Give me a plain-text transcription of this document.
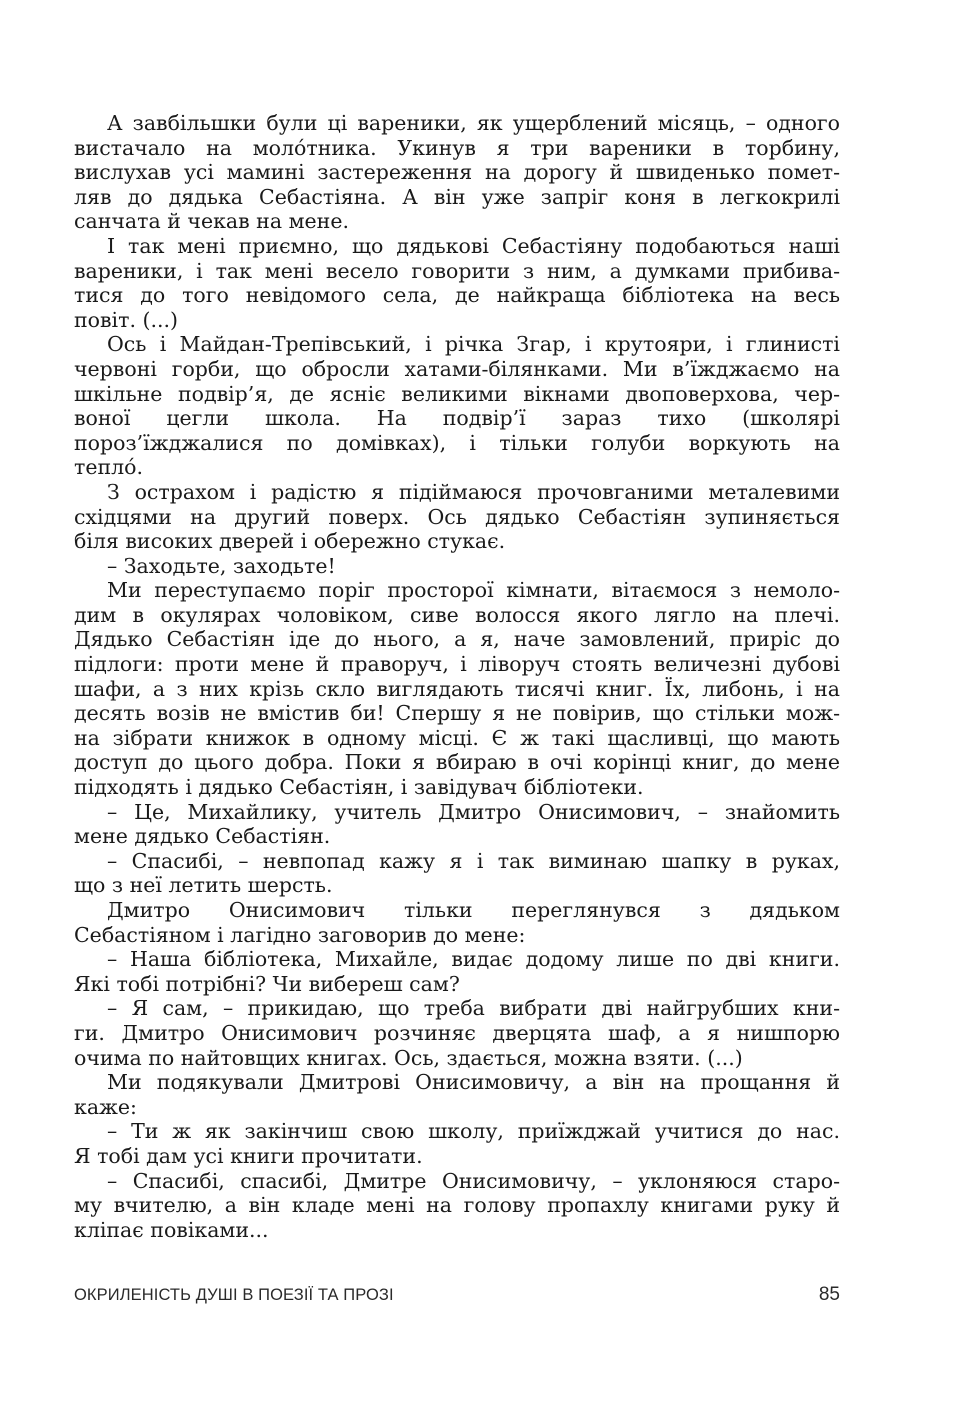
А завбільшки були ці вареники, як ущерблений місяць, – одного
вистачало на моло́тника. Укинув я три вареники в торбину,
вислухав усі мамині застереження на дорогу й швиденько помет-
ляв до дядька Себастіяна. А він уже запріг коня в легкокрилі
санчата й чекав на мене.
І так мені приємно, що дядькові Себастіяну подобаються наші
вареники, і так мені весело говорити з ним, а думками прибива-
тися до того невідомого села, де найкраща бібліотека на весь
повіт. (...)
Ось і Майдан-Трепівський, і річка Згар, і крутояри, і глинисті
червоні горби, що обросли хатами-білянками. Ми в’їжджаємо на
шкільне подвір’я, де ясніє великими вікнами двоповерхова, чер-
воної цегли школа. На подвір’ї зараз тихо (школярі
пороз’їжджалися по домівках), і тільки голуби воркують на
тепло́.
З острахом і радістю я підіймаюся прочовганими металевими
східцями на другий поверх. Ось дядько Себастіян зупиняється
біля високих дверей і обережно стукає.
– Заходьте, заходьте!
Ми переступаємо поріг просторої кімнати, вітаємося з немоло-
дим в окулярах чоловіком, сиве волосся якого лягло на плечі.
Дядько Себастіян іде до нього, а я, наче замовлений, приріс до
підлоги: проти мене й праворуч, і ліворуч стоять величезні дубові
шафи, а з них крізь скло виглядають тисячі книг. Їх, либонь, і на
десять возів не вмістив би! Спершу я не повірив, що стільки мож-
на зібрати книжок в одному місці. Є ж такі щасливці, що мають
доступ до цього добра. Поки я вбираю в очі корінці книг, до мене
підходять і дядько Себастіян, і завідувач бібліотеки.
– Це, Михайлику, учитель Дмитро Онисимович, – знайомить
мене дядько Себастіян.
– Спасибі, – невпопад кажу я і так виминаю шапку в руках,
що з неї летить шерсть.
Дмитро Онисимович тільки переглянувся з дядьком
Себастіяном і лагідно заговорив до мене:
– Наша бібліотека, Михайле, видає додому лише по дві книги.
Які тобі потрібні? Чи вибереш сам?
– Я сам, – прикидаю, що треба вибрати дві найгрубших кни-
ги. Дмитро Онисимович розчиняє дверцята шаф, а я нишпорю
очима по найтовщих книгах. Ось, здається, можна взяти. (...)
Ми подякували Дмитрові Онисимовичу, а він на прощання й
каже:
– Ти ж як закінчиш свою школу, приїжджай учитися до нас.
Я тобі дам усі книги прочитати.
– Спасибі, спасибі, Дмитре Онисимовичу, – уклоняюся старо-
му вчителю, а він кладе мені на голову пропахлу книгами руку й
кліпає повіками...
ОКРИЛЕНІСТЬ ДУШІ В ПОЕЗІЇ ТА ПРОЗІ	85
